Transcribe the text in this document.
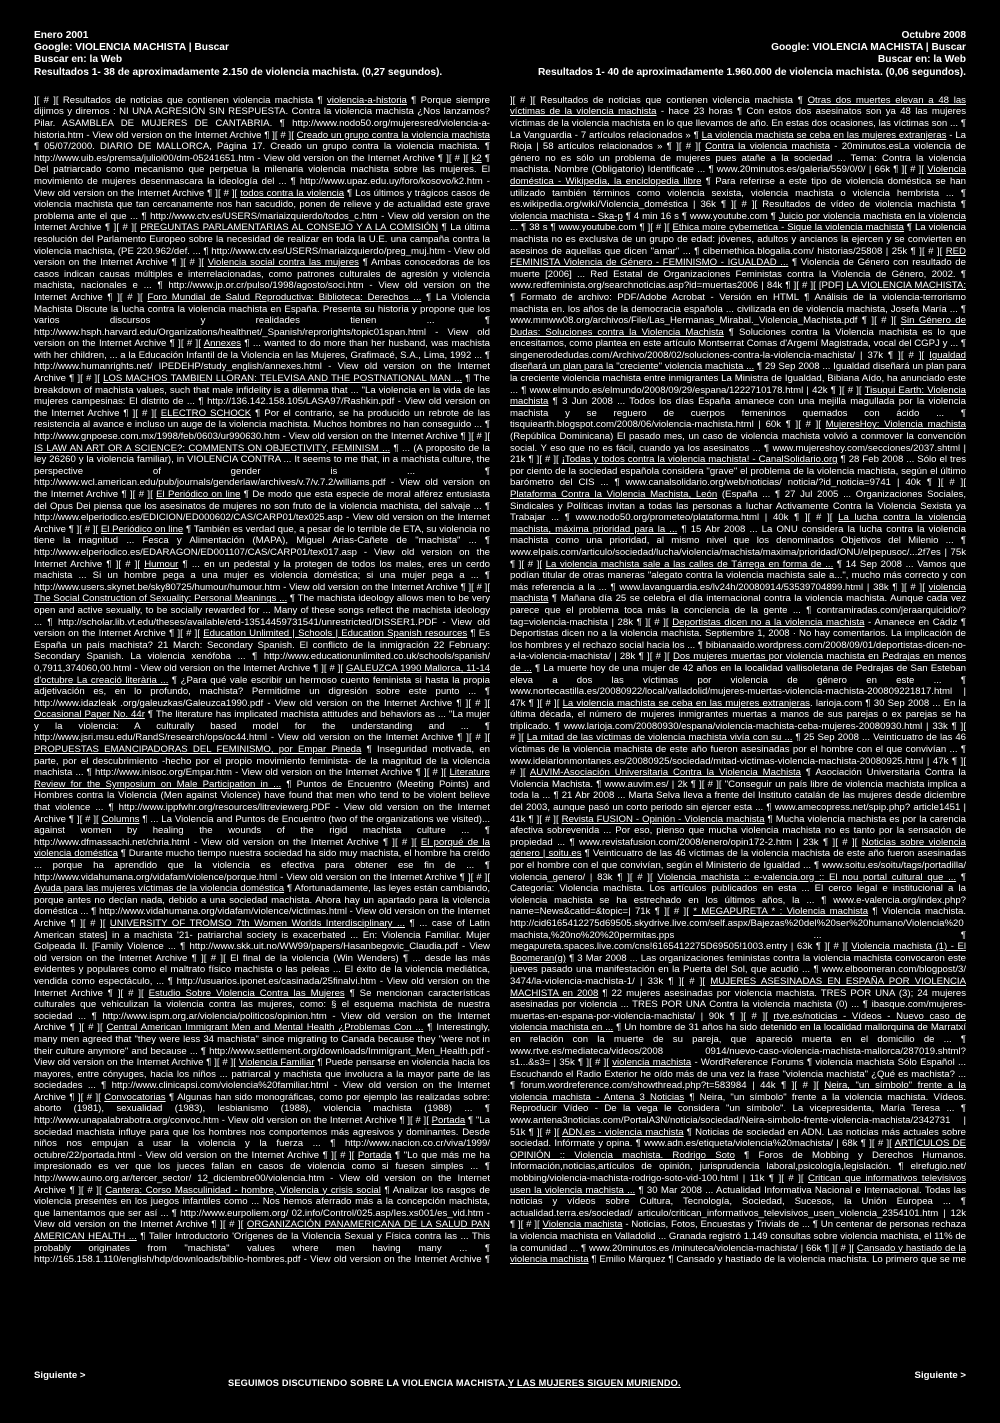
Enero 2001
Google: VIOLENCIA MACHISTA | Buscar
Buscar en: la Web
Resultados 1- 38 de aproximadamente 2.150 de violencia machista. (0,27 segundos).
][ # ][ Resultados de noticias que contienen violencia machista ¶ violencia-a-historia ¶ Porque siempre dijimos y diremos : NI UNA AGRESIÓN SIN RESPUESTA. Contra la violencia machista ¿Nos lanzamos? Pilar. ASAMBLEA DE MUJERES DE CANTABRIA. ¶ http://www.nodo50.org/mujeresred/violencia-a-historia.htm - View old version on the Internet Archive ¶ ][ # ][ Creado un grupo contra la violencia machista ¶ 05/07/2000. DIARIO DE MALLORCA, Página 17. Creado un grupo contra la violencia machista. ¶ http://www.uib.es/premsa/juliol00/dm-05241651.htm - View old version on the Internet Archive ¶ ][ # ][ k2 ¶ Del patriarcado como mecanismo que perpetua la milenaria violencia machista sobre las mujeres. El movimiento de mujeres desenmascara la ideología del ... ¶ http://www.upaz.edu.uy/foro/kosovo/k2.htm - View old version on the Internet Archive ¶ ][ # ][ todos contra la violencia ¶ Los últimos y trágicos casos de violencia machista que tan cercanamente nos han sacudido, ponen de relieve y de actualidad este grave problema ante el que ... ¶ http://www.ctv.es/USERS/mariaizquierdo/todos_c.htm - View old version on the Internet Archive ¶ ][ # ][ PREGUNTAS PARLAMENTARIAS AL CONSEJO Y A LA COMISIÓN ¶ La última resolución del Parlamento Europeo sobre la necesidad de realizar en toda la U.E. una campaña contra la violencia machista, (PE 220.962/def. ... ¶ http://www.ctv.es/USERS/mariaizquierdo/preg_muj.htm - View old version on the Internet Archive ¶ ][ # ][ Violencia social contra las mujeres ¶ Ambas conocedoras de los casos indican causas múltiples e interrelacionadas, como patrones culturales de agresión y violencia machista, nacionales e ... ¶ http://www.jp.or.cr/pulso/1998/agosto/soci.htm - View old version on the Internet Archive ¶ ][ # ][ Foro Mundial de Salud Reproductiva: Biblioteca: Derechos ... ¶ La Violencia Machista Discute la lucha contra la violencia machista en España. Presenta su historia y propone que los varios discursos y realidades tienen ... ¶ http://www.hsph.harvard.edu/Organizations/healthnet/_Spanish/reprorights/topic01span.html - View old version on the Internet Archive ¶ ][ # ][ Annexes ¶ ... wanted to do more than her husband, was machista with her children, ... a la Educación Infantil de la Violencia en las Mujeres, Grafimacé, S.A., Lima, 1992 ... ¶ http://www.humanrights.net/ IPEDEHP/study_english/annexes.html - View old version on the Internet Archive ¶ ][ # ][ LOS MACHOS TAMBIEN LLORAN: TELEVISA AND THE POSTNATIONAL MAN ... ¶ The breakdown of machista values, such that male infidelity is a dilemma that ... "La violencia en la vida de las mujeres campesinas: El distrito de ... ¶ http://136.142.158.105/LASA97/Rashkin.pdf - View old version on the Internet Archive ¶ ][ # ][ ELECTRO SCHOCK ¶ Por el contrario, se ha producido un rebrote de las resistencia al avance e incluso un auge de la violencia machista. Muchos hombres no han conseguido ... ¶ http://www.gnpoese.com.mx/1998/feb/0603/ur990630.htm - View old version on the Internet Archive ¶ ][ # ][ IS LAW AN ART OR A SCIENCE?: COMMENTS ON OBJECTIVITY, FEMINISM ... ¶ ... (A proposito de la ley 26260 y la violencia familiar), in VIOLENCIA CONTRA ... It seems to me that, in a machista culture, the perspective of gender is ... ¶ http://www.wcl.american.edu/pub/journals/genderlaw/archives/v.7/v.7.2/williams.pdf - View old version on the Internet Archive ¶ ][ # ][ El Periódico on line ¶ De modo que esta especie de moral alférez entusiasta del Opus Dei piensa que los asesinatos de mujeres no son fruto de la violencia machista, del salvaje ... ¶ http://www.elperiodico.es/EDICION/ED000602/CAS/CARP01/tex025.asp - View old version on the Internet Archive ¶ ][ # ][ El Periódico on line ¶ También es verdad que, a pesar de lo terrible de ETA, su violencia no tiene la magnitud ... Fesca y Alimentación (MAPA), Miguel Arias-Cañete de "machista" ... ¶ http://www.elperiodico.es/EDARAGON/ED001107/CAS/CARP01/tex017.asp - View old version on the Internet Archive ¶ ][ # ][ Humour ¶ ... en un pedestal y la protegen de todos los males, eres un cerdo machista ... Si un hombre pega a una mujer es violencia doméstica; si una mujer pega a ... ¶ http://www.users.skynet.be/sky80725/humour/humour.htm - View old version on the Internet Archive ¶ ][ # ][ The Social Construction of Sexuality: Personal Meanings ... ¶ The machista ideology allows men to be very open and active sexually, to be socially rewarded for ... Many of these songs reflect the machista ideology ... ¶ http://scholar.lib.vt.edu/theses/available/etd-13514459731541/unrestricted/DISSER1.PDF - View old version on the Internet Archive ¶ ][ # ][ Education Unlimited | Schools | Education Spanish resources ¶ Es España un país machista? 21 March: Secondary Spanish. El conflicto de la inmigración 22 February: Secondary Spanish. La violencia xenófoba ... ¶ http://www.educationunlimited.co.uk/schools/spanish/ 0,7911,374060,00.html - View old version on the Internet Archive ¶ ][ # ][ GALEUZCA 1990 Mallorca, 11-14 d'octubre La creació literària ... ¶ ¿Para qué vale escribir un hermoso cuento feminista si hasta la propia adjetivación es, en lo profundo, machista? Permitidme un digresión sobre este punto ... ¶ http://www.idazleak .org/galeuzkas/Galeuzca1990.pdf - View old version on the Internet Archive ¶ ][ # ][ Occasional Paper No. 44r ¶ The literature has implicated machista attitudes and behaviors as ... "La mujer y la violencia: A culturally based model for the understanding and ... ¶ http://www.jsri.msu.edu/RandS/research/ops/oc44.html - View old version on the Internet Archive ¶ ][ # ][ PROPUESTAS EMANCIPADORAS DEL FEMINISMO, por Empar Pineda ¶ Inseguridad motivada, en parte, por el descubrimiento -hecho por el propio movimiento feminista- de la magnitud de la violencia machista ... ¶ http://www.inisoc.org/Empar.htm - View old version on the Internet Archive ¶ ][ # ][ Literature Review for the Symposium on Male Participation in ... ¶ Puntos de Encuentro (Meeting Points) and Hombres contra la Violencia (Men against Violence) have found that men who tend to be violent believe that violence ... ¶ http://www.ippfwhr.org/resources/litreviewerg.PDF - View old version on the Internet Archive ¶ ][ # ][ Columns ¶ ... La Violencia and Puntos de Encuentro (two of the organizations we visited)... against women by healing the wounds of the rigid machista culture ... ¶ http://www.dfmassachi.net/chria.html - View old version on the Internet Archive ¶ ][ # ][ El porqué de la violencia doméstica ¶ Durante mucho tiempo nuestra sociedad ha sido muy machista, el hombre ha creído ... porque ha aprendido que la violencia es efectiva para obtener ese fin de ... ¶ http://www.vidahumana.org/vidafam/violence/porque.html - View old version on the Internet Archive ¶ ][ # ][ Ayuda para las mujeres víctimas de la violencia doméstica ¶ Afortunadamente, las leyes están cambiando, porque antes no decían nada, debido a una sociedad machista. Ahora hay un apartado para la violencia doméstica ... ¶ http://www.vidahumana.org/vidafam/violence/victimas.html - View old version on the Internet Archive ¶ ][ # ][ UNIVERSITY OF TROMSO 7th Women Worlds Interdisciplinary ... ¶ ... case of Latin American states] in a machista '21- patriarchal society is exacerbated ... En: Violencia Familiar. Mujer Golpeada II. [Family Violence ... ¶ http://www.skk.uit.no/WW99/papers/Hasanbegovic_Claudia.pdf - View old version on the Internet Archive ¶ ][ # ][ El final de la violencia (Win Wenders) ¶ ... desde las más evidentes y populares como el maltrato físico machista o las peleas ... El éxito de la violencia mediática, vendida como espectáculo, ... ¶ http://usuarios.iponet.es/casinada/25finalvi.htm - View old version on the Internet Archive ¶ ][ # ][ Estudio Sobre Violencia Contra las Mujeres ¶ Se mencionan características culturales que vehiculizan la violencia contra las mujeres, como: § el esquema machista de nuestra sociedad ... ¶ http://www.ispm.org.ar/violencia/politicos/opinion.htm - View old version on the Internet Archive ¶ ][ # ][ Central American Immigrant Men and Mental Health ¿Problemas Con ... ¶ Interestingly, many men agreed that "they were less 34 machista" since migrating to Canada because they "were not in their culture anymore" and because ... ¶ http://www.settlement.org/downloads/Immigrant_Men_Health.pdf - View old version on the Internet Archive ¶ ][ # ][ Violencia Familiar ¶ Puede pensarse en violencia hacia los mayores, entre cónyuges, hacia los niños ... patriarcal y machista que involucra a la mayor parte de las sociedades ... ¶ http://www.clinicapsi.com/violencia%20familiar.html - View old version on the Internet Archive ¶ ][ # ][ Convocatorias ¶ Algunas han sido monográficas, como por ejemplo las realizadas sobre: aborto (1981), sexualidad (1983), lesbianismo (1988), violencia machista (1988) ... ¶ http://www.unapalabrabotra.org/convoc.htm - View old version on the Internet Archive ¶ ][ # ][ Portada ¶ "La sociedad machista influye para que los hombres nos comportemos más agresivos y dominantes. Desde niños nos empujan a usar la violencia y la fuerza ... ¶ http://www.nacion.co.cr/viva/1999/ octubre/22/portada.html - View old version on the Internet Archive ¶ ][ # ][ Portada ¶ "Lo que más me ha impresionado es ver que los jueces fallan en casos de violencia como si fuesen simples ... ¶ http://www.auno.org.ar/tercer_sector/ 12_diciembre00/violencia.htm - View old version on the Internet Archive ¶ ][ # ][ Cantera: Corso Masculinidad - hombre, Violencia y crisis social ¶ Analizar los rasgos de violencia presentes en los juegos infantiles como ... Nos hemos aferrado más a la concepción machista, que lamentamos que ser así ... ¶ http://www.eurpoliem.org/ 02.info/Control/025.asp/Ies.xs001/es_vid.htm - View old version on the Internet Archive ¶ ][ # ][ ORGANIZACIÓN PANAMERICANA DE LA SALUD PAN AMERICAN HEALTH ... ¶ Taller Introductorio 'Orígenes de la Violencia Sexual y Física contra las ... This probably originates from "machista" values where men having many ... ¶ http://165.158.1.110/english/hdp/downloads/biblio-hombres.pdf - View old version on the Internet Archive ¶
Siguiente >
Octubre 2008
Google: VIOLENCIA MACHISTA | Buscar
Buscar en: la Web
Resultados 1- 40 de aproximadamente 1.960.000 de violencia machista. (0,06 segundos).
][ # ][ Resultados de noticias que contienen violencia machista ¶ Otras dos muertes elevan a 48 las víctimas de la violencia machista - hace 23 horas ¶ Con estos dos asesinatos son ya 48 las mujeres víctimas de la violencia machista en lo que llevamos de año. En estas dos ocasiones, las víctimas son ... ¶ La Vanguardia - 7 artículos relacionados » ¶ La violencia machista se ceba en las mujeres extranjeras - La Rioja | 58 artículos relacionados » ¶ ][ # ][ Contra la violencia machista - 20minutos.esLa violencia de género no es sólo un problema de mujeres pues atañe a la sociedad ... Tema: Contra la violencia machista. Nombre (Obligatorio) Identificate ... ¶ www.20minutos.es/galeria/559/0/0/ | 66k ¶ ][ # ][ Violencia doméstica - Wikipedia, la enciclopedia libre ¶ Para referirse a este tipo de violencia doméstica se han utilizado también términos como violencia sexista, violencia machista o violencia hembrista ... ¶ es.wikipedia.org/wiki/Violencia_doméstica | 36k ¶ ][ # ][ Resultados de vídeo de violencia machista ¶ violencia machista - Ska-p ¶ 4 min 16 s ¶ www.youtube.com ¶ Juicio por violencia machista en la violencia ... ¶ 38 s ¶ www.youtube.com ¶ ][ # ][ Ethica moire cybernetica - Sigue la violencia machista ¶ La violencia machista no es exclusiva de un grupo de edad: jóvenes, adultos y ancianos la ejercen y se convierten en asesinos de aquellas que dicen "amar" ... ¶ cibernethica.blogalia.com/ historias/25808 | 25k ¶ ][ # ][ RED FEMINISTA Violencia de Género - FEMINISMO - IGUALDAD ... ¶ Violencia de Género con resultado de muerte [2006] ... Red Estatal de Organizaciones Feministas contra la Violencia de Género, 2002. ¶ www.redfeminista.org/searchnoticias.asp?id=muertas2006 | 84k ¶ ][ # ][ [PDF] LA VIOLENCIA MACHISTA: ¶ Formato de archivo: PDF/Adobe Acrobat - Versión en HTML ¶ Análisis de la violencia-terrorismo machista en. los años de la democracia española ... civilizada en de violencia machista, Josefa María ... ¶ www.mmww08.org/archivos/File/Las_Hermanas_Mirabal._Violencia_Machista.pdf ¶ ][ # ][ Sin Género de Dudas: Soluciones contra la Violencia Machista ¶ Soluciones contra la Violencia machista es lo que encesitamos, como plantea en este artículo Montserrat Comas d'Argemí Magistrada, vocal del CGPJ y ... ¶ singenerodedudas.com/Archivo/2008/02/soluciones-contra-la-violencia-machista/ | 37k ¶ ][ # ][ Igualdad diseñará un plan para la "creciente" violencia machista ... ¶ 29 Sep 2008 ... Igualdad diseñará un plan para la creciente violencia machista entre inmigrantes La Ministra de Igualdad, Bibiana Aído, ha anunciado este ... ¶ www.elmundo.es/elmundo/2008/09/29/espana/1222710178.html | 42k ¶ ][ # ][ Tisuqui Earth: Violencia machista ¶ 3 Jun 2008 ... Todos los días España amanece con una mejilla magullada por la violencia machista y se reguero de cuerpos femeninos quemados con ácido ... ¶ tisquiearth.blogspot.com/2008/06/violencia-machista.html | 60k ¶ ][ # ][ MujeresHoy: Violencia machista (República Dominicana) El pasado mes, un caso de violencia machista volvió a conmover la convención social. Y eso que no es fácil, cuando ya los asesinatos ... ¶ www.mujereshoy.com/secciones/2037.shtml | 21k ¶ ][ # ][ ¡Todas y todos contra la violencia machista! - CanalSolidario.org ¶ 28 Feb 2008 ... Sólo el tres por ciento de la sociedad española considera "grave" el problema de la violencia machista, según el último barómetro del CIS ... ¶ www.canalsolidario.org/web/noticias/ noticia/?id_noticia=9741 | 40k ¶ ][ # ][ Plataforma Contra la Violencia Machista, León (España ... ¶ 27 Jul 2005 ... Organizaciones Sociales, Sindicales y Políticas invitan a todas las personas a Iuchar Activamente Contra la Violencia Sexista ya Trabajar ... ¶ www.nodo50.org/prometeo/plataforma.html | 40k ¶ ][ # ][ La lucha contra la violencia machista, máxima prioridad para la ... ¶ 15 Abr 2008 ... La ONU considera la lucha contra la violencia machista como una prioridad, al mismo nivel que los denominados Objetivos del Milenio ... ¶ www.elpais.com/articulo/sociedad/lucha/violencia/machista/maxima/prioridad/ONU/elpepusoc/...2f7es | 75k ¶ ][ # ][ La violencia machista sale a las calles de Tárrega en forma de ... ¶ 14 Sep 2008 ... Vamos que podían titular de otras maneras "alegato contra la violencia machista sale a...", mucho más correcto y con más referencia a la ... ¶ www.lavanguardia.es/lv24h/20080914/53539704899.html | 38k ¶ ][ # ][ violencia machista ¶ Mañana día 25 se celebra el día internacional contra la violencia machista. Aunque cada vez parece que el problema toca más la conciencia de la gente ... ¶ contramiradas.com/jeraarquicidio/?tag=violencia-machista | 28k ¶ ][ # ][ Deportistas dicen no a la violencia machista - Amanece en Cádiz ¶ Deportistas dicen no a la violencia machista. Septiembre 1, 2008 · No hay comentarios. La implicación de los hombres y el rechazo social hacia los ... ¶ bibianaaido.wordpress.com/2008/09/01/deportistas-dicen-no-a-la-violencia-machista/ | 28k ¶ ][ # ][ Dos mujeres muertas por violencia machista en Pedrajas en menos de ... ¶ La muerte hoy de una mujer de 42 años en la localidad vallisoletana de Pedrajas de San Esteban eleva a dos las víctimas por violencia de género en este ... ¶ www.nortecastilla.es/20080922/local/valladolid/mujeres-muertas-violencia-machista-200809221817.html | 47k ¶ ][ # ][ La violencia machista se ceba en las mujeres extranjeras. larioja.com ¶ 30 Sep 2008 ... En la última década, el número de mujeres inmigrantes muertas a manos de sus parejas o ex parejas se ha triplicado. ¶ www.larioja.com/20080930/espana/violencia-machista-ceba-mujeres-20080930.html | 33k ¶ ][ # ][ La mitad de las víctimas de violencia machista vivía con su ... ¶ 25 Sep 2008 ... Veinticuatro de las 46 víctimas de la violencia machista de este año fueron asesinadas por el hombre con el que convivían ... ¶ www.ideiarionmontanes.es/20080925/sociedad/mitad-victimas-violencia-machista-20080925.html | 47k ¶ ][ # ][ AUVIM-Asociación Universitaria Contra la Violencia Machista ¶ Asociación Universitaria Contra la Violencia Machista. ¶ www.auvim.es/ | 2k ¶ ][ # ][ "Conseguir un país libre de violencia machista implica a toda la ... ¶ 21 Abr 2008 ... Marta Selva lleva a frente del Instituto catalán de las mujeres desde diciembre del 2003, aunque pasó un corto periodo sin ejercer esta ... ¶ www.amecopress.net/spip.php? article1451 | 41k ¶ ][ # ][ Revista FUSION - Opinión - Violencia machista ¶ Mucha violencia machista es por la carencia afectiva sobrevenida ... Por eso, pienso que mucha violencia machista no es tanto por la sensación de propiedad ... ¶ www.revistafusion.com/2008/enero/opin172-2.htm | 23k ¶ ][ # ][ Noticias sobre violencia género | soitu.es ¶ Veinticuatro de las 46 víctimas de la violencia machista de este año fueron asesinadas por el hombre con el que convivían, según el Ministerio de Igualdad ... ¶ www.soitu.es/soitu/tags/portadilla/ violencia_genero/ | 83k ¶ ][ # ][ Violencia machista :: e-valencia.org :: El nou portal cultural que ... ¶ Categoria: Violencia machista. Los artículos publicados en esta ... El cerco legal e institucional a la violencia machista se ha estrechado en los últimos años, la ... ¶ www.e-valencia.org/index.php?name=News&catid=&topic=| 71k ¶ ][ # ][ * MEGAPURETA * : Violencia machista ¶ Violencia machista. http://cid6165412275d69505.skydrive.live.com/self.aspx/Bajezas%20del%20ser%20humano/Violencia%20machista,%20no%20%20permitas.pps ... ¶ megapureta.spaces.live.com/cns!6165412275D69505!1003.entry | 63k ¶ ][ # ][ Violencia machista (1) - El Boomeran(g) ¶ 3 Mar 2008 ... Las organizaciones feministas contra la violencia machista convocaron este jueves pasado una manifestación en la Puerta del Sol, que acudió ... ¶ www.elboomeran.com/blogpost/3/ 3474/la-violencia-machista-1/ | 33k ¶ ][ # ][ MUJERES ASESINADAS EN ESPAÑA POR VIOLENCIA MACHISTA en 2008 ¶ 22 mujeres asesinadas por violencia machista. TRES POR UNA (3); 24 mujeres asesinadas por violencia ... TRES POR UNA Contra la violencia machista (0) ... ¶ ibasque.com/mujeres-muertas-en-espana-por-violencia-machista/ | 90k ¶ ][ # ][ rtve.es/noticias - Vídeos - Nuevo caso de violencia machista en ... ¶ Un hombre de 31 años ha sido detenido en la localidad mallorquina de Marratxí en relación con la muerte de su pareja, que apareció muerta en el domicilio de ... ¶ www.rtve.es/mediateca/videos/2008 0914/nuevo-caso-violencia-machista-mallorca/287019.shtml?s1...&s3= | 35k ¶ ][ # ][ violencia machista - WordReference Forums ¶ violencia machista Sólo Español ... Escuchando el Radio Exterior he oído más de una vez la frase "violencia machista" ¿Qué es machista? ... ¶ forum.wordreference.com/showthread.php?t=583984 | 44k ¶ ][ # ][ Neira, "un símbolo" frente a la violencia machista - Antena 3 Noticias ¶ Neira, "un símbolo" frente a la violencia machista. Vídeos. Reproducir Vídeo - De la vega le considera "un símbolo". La vicepresidenta, María Teresa ... ¶ www.antena3noticias.com/PortalA3N/noticia/sociedad/Neira-simbolo-frente-violencia-machista/2342731 | 51k ¶ ][ # ][ ADN.es - violencia machista ¶ Noticias de sociedad en ADN. Las noticias más actuales sobre sociedad. Infórmate y opina. ¶ www.adn.es/etiqueta/violencia%20machista/ | 68k ¶ ][ # ][ ARTÍCULOS DE OPINIÓN :: Violencia machista. Rodrigo Soto ¶ Foros de Mobbing y Derechos Humanos. Información,noticias,artículos de opinión, jurisprudencia laboral,psicología,legislación. ¶ elrefugio.net/ mobbing/violencia-machista-rodrigo-soto-vid-100.html | 11k ¶ ][ # ][ Critican que informativos televisivos usen la violencia machista ... ¶ 30 Mar 2008 ... Actualidad Informativa Nacional e Internacional. Todas las noticias y vídeos sobre Cultura, Tecnología, Sociedad, Sucesos, la Unión Europea ... ¶ actualidad.terra.es/sociedad/ articulo/critican_informativos_televisivos_usen_violencia_2354101.htm | 12k ¶ ][ # ][ Violencia machista - Noticias, Fotos, Encuestas y Trivials de ... ¶ Un centenar de personas rechaza la violencia machista en Valladolid ... Granada registró 1.149 consultas sobre violencia machista, el 11% de la comunidad ... ¶ www.20minutos.es /minuteca/violencia-machista/ | 66k ¶ ][ # ][ Cansado y hastiado de la violencia machista ¶ Emilio Márquez ¶ Cansado y hastiado de la violencia machista. Lo primero que se me
Siguiente >
SEGUIMOS DISCUTIENDO SOBRE LA VIOLENCIA MACHISTA. Y LAS MUJERES SIGUEN MURIENDO.
